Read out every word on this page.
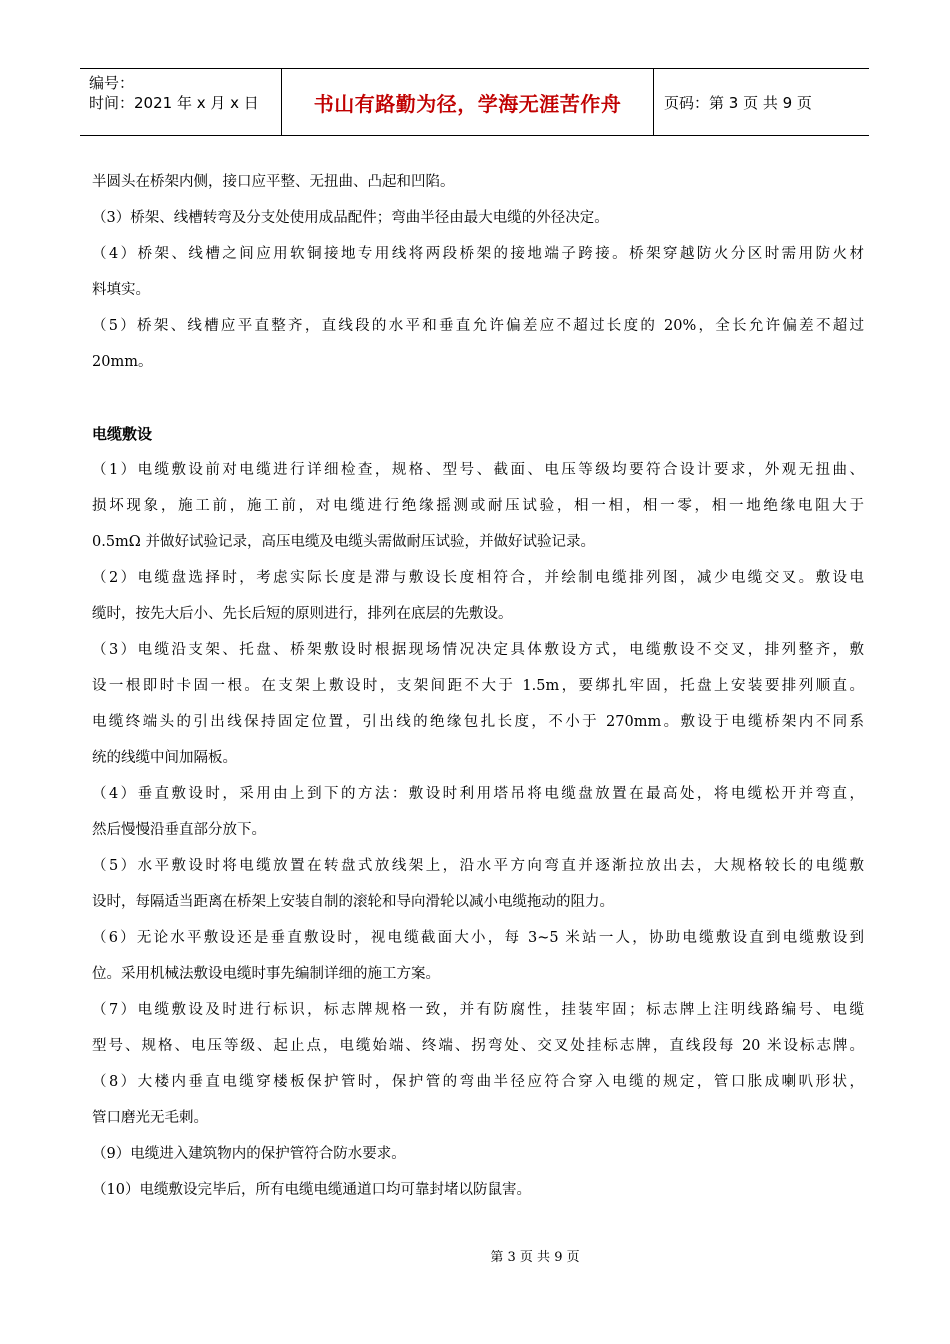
编号：
时间：2021 年 x 月 x 日	书山有路勤为径，学海无涯苦作舟	页码：第 3 页 共 9 页

半圆头在桥架内侧，接口应平整、无扭曲、凸起和凹陷。

（3）桥架、线槽转弯及分支处使用成品配件；弯曲半径由最大电缆的外径决定。

（4）桥架、线槽之间应用软铜接地专用线将两段桥架的接地端子跨接。桥架穿越防火分区时需用防火材

料填实。

（5）桥架、线槽应平直整齐，直线段的水平和垂直允许偏差应不超过长度的 20%，全长允许偏差不超过

20mm。

电缆敷设

（1）电缆敷设前对电缆进行详细检查，规格、型号、截面、电压等级均要符合设计要求，外观无扭曲、

损坏现象，施工前，施工前，对电缆进行绝缘摇测或耐压试验，相一相，相一零，相一地绝缘电阻大于

0.5mΩ 并做好试验记录，高压电缆及电缆头需做耐压试验，并做好试验记录。

（2）电缆盘选择时，考虑实际长度是滞与敷设长度相符合，并绘制电缆排列图，减少电缆交叉。敷设电

缆时，按先大后小、先长后短的原则进行，排列在底层的先敷设。

（3）电缆沿支架、托盘、桥架敷设时根据现场情况决定具体敷设方式，电缆敷设不交叉，排列整齐，敷

设一根即时卡固一根。在支架上敷设时，支架间距不大于 1.5m，要绑扎牢固，托盘上安装要排列顺直。

电缆终端头的引出线保持固定位置，引出线的绝缘包扎长度，不小于 270mm。敷设于电缆桥架内不同系

统的线缆中间加隔板。

（4）垂直敷设时，采用由上到下的方法：敷设时利用塔吊将电缆盘放置在最高处，将电缆松开并弯直，

然后慢慢沿垂直部分放下。

（5）水平敷设时将电缆放置在转盘式放线架上，沿水平方向弯直并逐渐拉放出去，大规格较长的电缆敷

设时，每隔适当距离在桥架上安装自制的滚轮和导向滑轮以减小电缆拖动的阻力。

（6）无论水平敷设还是垂直敷设时，视电缆截面大小，每 3~5 米站一人，协助电缆敷设直到电缆敷设到

位。采用机械法敷设电缆时事先编制详细的施工方案。

（7）电缆敷设及时进行标识，标志牌规格一致，并有防腐性，挂装牢固；标志牌上注明线路编号、电缆

型号、规格、电压等级、起止点，电缆始端、终端、拐弯处、交叉处挂标志牌，直线段每 20 米设标志牌。

（8）大楼内垂直电缆穿楼板保护管时，保护管的弯曲半径应符合穿入电缆的规定，管口胀成喇叭形状，

管口磨光无毛刺。

（9）电缆进入建筑物内的保护管符合防水要求。

（10）电缆敷设完毕后，所有电缆电缆通道口均可靠封堵以防鼠害。

第 3 页 共 9 页
